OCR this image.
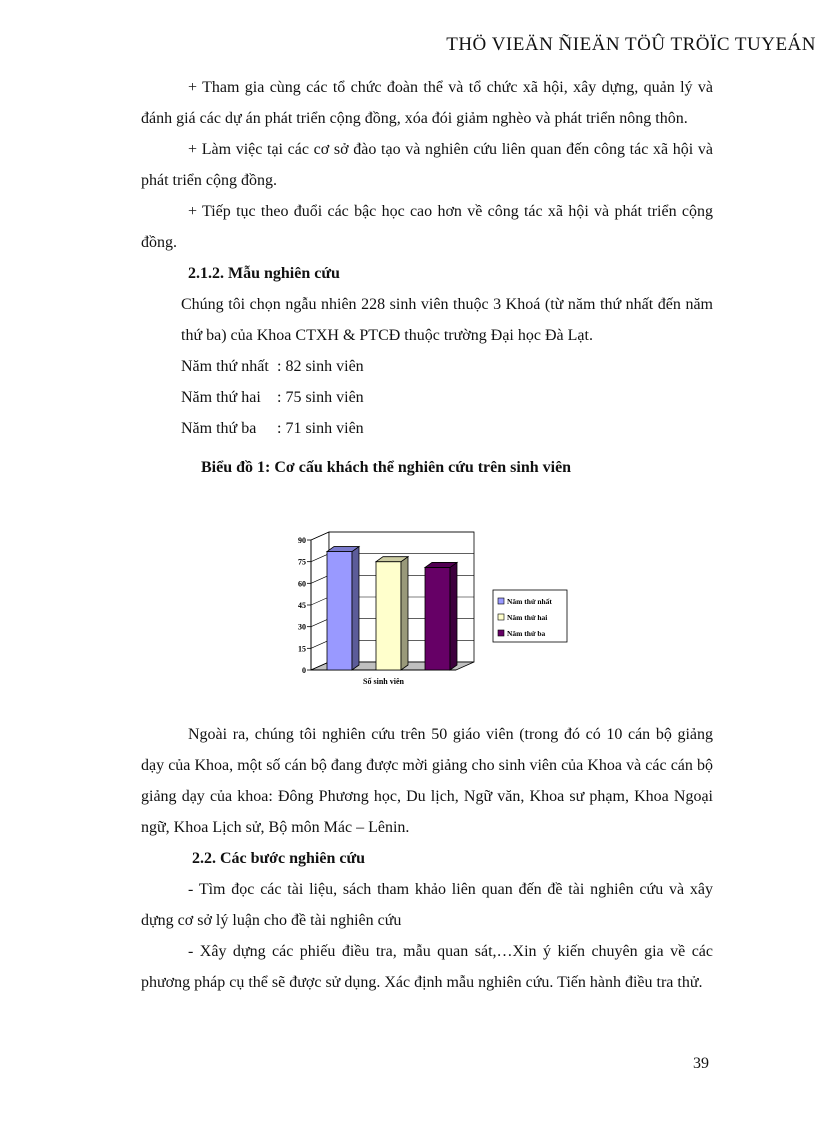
THÖ VIEÄN ÑIEÄN TÖÛ TRÖÏC TUYEÁN

+ Tham gia cùng các tổ chức đoàn thể và tổ chức xã hội, xây dựng, quản lý và đánh giá các dự án phát triển cộng đồng, xóa đói giảm nghèo và phát triển nông thôn.

+ Làm việc tại các cơ sở đào tạo và nghiên cứu liên quan đến công tác xã hội và phát triển cộng đồng.

+ Tiếp tục theo đuổi các bậc học cao hơn về công tác xã hội và phát triển cộng đồng.

2.1.2. Mẫu nghiên cứu

Chúng tôi chọn ngẫu nhiên 228 sinh viên thuộc 3 Khoá (từ năm thứ nhất đến năm thứ ba) của Khoa CTXH & PTCĐ thuộc trường Đại học Đà Lạt.

Năm thứ nhất : 82 sinh viên

Năm thứ hai : 75 sinh viên

Năm thứ ba : 71 sinh viên

Biểu đồ 1: Cơ cấu khách thể nghiên cứu trên sinh viên

0
15
30
45
60
75
90
Số sinh viên
Năm thứ nhất
Năm thứ hai
Năm thứ ba

Ngoài ra, chúng tôi nghiên cứu trên 50 giáo viên (trong đó có 10 cán bộ giảng dạy của Khoa, một số cán bộ đang được mời giảng cho sinh viên của Khoa và các cán bộ giảng dạy của khoa: Đông Phương học, Du lịch, Ngữ văn, Khoa sư phạm, Khoa Ngoại ngữ, Khoa Lịch sử, Bộ môn Mác – Lênin.

2.2. Các bước nghiên cứu

- Tìm đọc các tài liệu, sách tham khảo liên quan đến đề tài nghiên cứu và xây dựng cơ sở lý luận cho đề tài nghiên cứu

- Xây dựng các phiếu điều tra, mẫu quan sát,…Xin ý kiến chuyên gia về các phương pháp cụ thể sẽ được sử dụng. Xác định mẫu nghiên cứu. Tiến hành điều tra thử.

39
